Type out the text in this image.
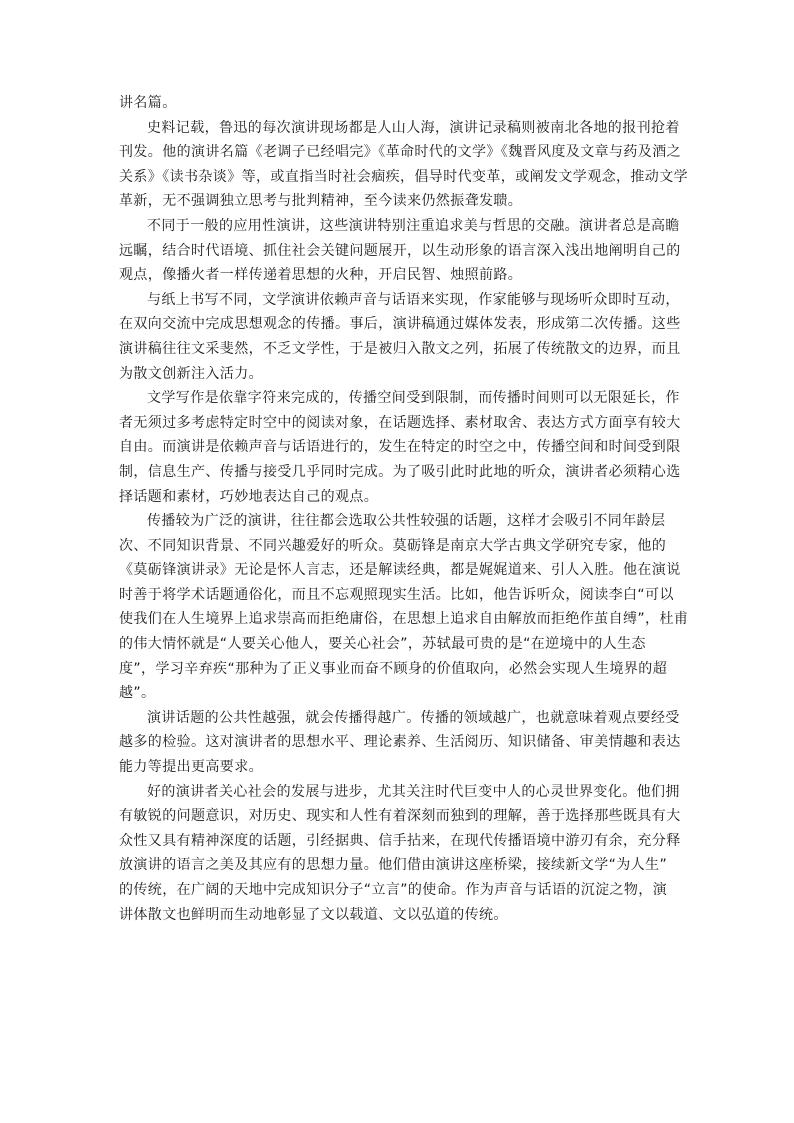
讲名篇。
史料记载，鲁迅的每次演讲现场都是人山人海，演讲记录稿则被南北各地的报刊抢着
刊发。他的演讲名篇《老调子已经唱完》《革命时代的文学》《魏晋风度及文章与药及酒之
关系》《读书杂谈》等，或直指当时社会痼疾，倡导时代变革，或阐发文学观念，推动文学
革新，无不强调独立思考与批判精神，至今读来仍然振聋发聩。
不同于一般的应用性演讲，这些演讲特别注重追求美与哲思的交融。演讲者总是高瞻
远瞩，结合时代语境、抓住社会关键问题展开，以生动形象的语言深入浅出地阐明自己的
观点，像播火者一样传递着思想的火种，开启民智、烛照前路。
与纸上书写不同，文学演讲依赖声音与话语来实现，作家能够与现场听众即时互动，
在双向交流中完成思想观念的传播。事后，演讲稿通过媒体发表，形成第二次传播。这些
演讲稿往往文采斐然，不乏文学性，于是被归入散文之列，拓展了传统散文的边界，而且
为散文创新注入活力。
文学写作是依靠字符来完成的，传播空间受到限制，而传播时间则可以无限延长，作
者无须过多考虑特定时空中的阅读对象，在话题选择、素材取舍、表达方式方面享有较大
自由。而演讲是依赖声音与话语进行的，发生在特定的时空之中，传播空间和时间受到限
制，信息生产、传播与接受几乎同时完成。为了吸引此时此地的听众，演讲者必须精心选
择话题和素材，巧妙地表达自己的观点。
传播较为广泛的演讲，往往都会选取公共性较强的话题，这样才会吸引不同年龄层
次、不同知识背景、不同兴趣爱好的听众。莫砺锋是南京大学古典文学研究专家，他的
《莫砺锋演讲录》无论是怀人言志，还是解读经典，都是娓娓道来、引人入胜。他在演说
时善于将学术话题通俗化，而且不忘观照现实生活。比如，他告诉听众，阅读李白“可以
使我们在人生境界上追求崇高而拒绝庸俗，在思想上追求自由解放而拒绝作茧自缚”，杜甫
的伟大情怀就是“人要关心他人，要关心社会”，苏轼最可贵的是“在逆境中的人生态
度”，学习辛弃疾“那种为了正义事业而奋不顾身的价值取向，必然会实现人生境界的超
越”。
演讲话题的公共性越强，就会传播得越广。传播的领域越广，也就意味着观点要经受
越多的检验。这对演讲者的思想水平、理论素养、生活阅历、知识储备、审美情趣和表达
能力等提出更高要求。
好的演讲者关心社会的发展与进步，尤其关注时代巨变中人的心灵世界变化。他们拥
有敏锐的问题意识，对历史、现实和人性有着深刻而独到的理解，善于选择那些既具有大
众性又具有精神深度的话题，引经据典、信手拈来，在现代传播语境中游刃有余，充分释
放演讲的语言之美及其应有的思想力量。他们借由演讲这座桥梁，接续新文学“为人生”
的传统，在广阔的天地中完成知识分子“立言”的使命。作为声音与话语的沉淀之物，演
讲体散文也鲜明而生动地彰显了文以载道、文以弘道的传统。
